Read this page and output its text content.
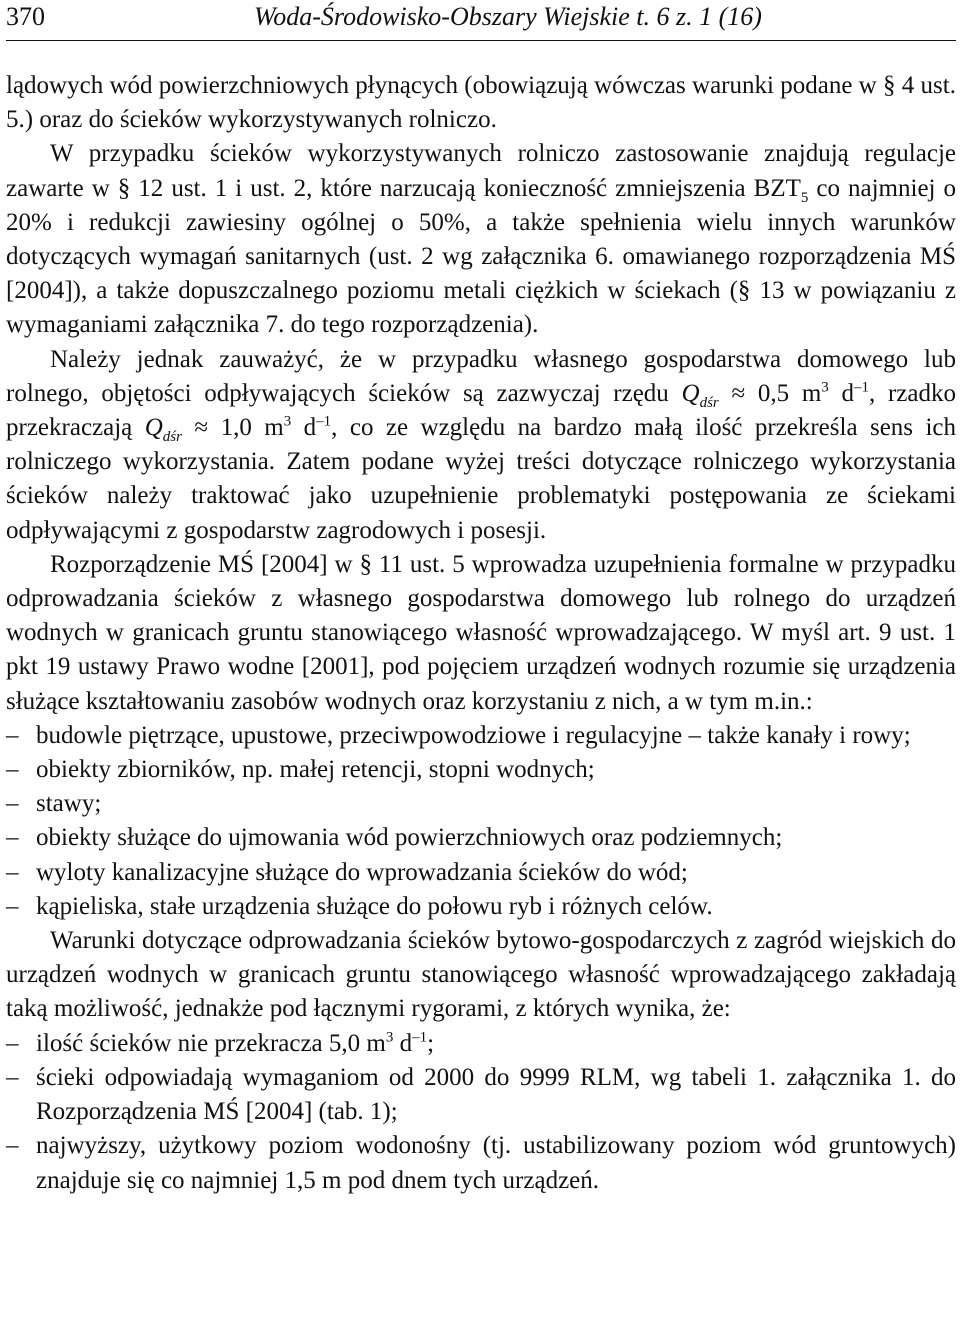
370	Woda-Środowisko-Obszary Wiejskie t. 6 z. 1 (16)

lądowych wód powierzchniowych płynących (obowiązują wówczas warunki podane w § 4 ust. 5.) oraz do ścieków wykorzystywanych rolniczo.

W przypadku ścieków wykorzystywanych rolniczo zastosowanie znajdują regulacje zawarte w § 12 ust. 1 i ust. 2, które narzucają konieczność zmniejszenia $BZT_5$ co najmniej o 20% i redukcji zawiesiny ogólnej o 50%, a także spełnienia wielu innych warunków dotyczących wymagań sanitarnych (ust. 2 wg załącznika 6. omawianego rozporządzenia MŚ [2004]), a także dopuszczalnego poziomu metali ciężkich w ściekach (§ 13 w powiązaniu z wymaganiami załącznika 7. do tego rozporządzenia).

Należy jednak zauważyć, że w przypadku własnego gospodarstwa domowego lub rolnego, objętości odpływających ścieków są zazwyczaj rzędu $Q_{dśr} \approx 0,5$ $m^3$ $d^{-1}$, rzadko przekraczają $Q_{dśr} \approx 1,0$ $m^3$ $d^{-1}$, co ze względu na bardzo małą ilość przekreśla sens ich rolniczego wykorzystania. Zatem podane wyżej treści dotyczące rolniczego wykorzystania ścieków należy traktować jako uzupełnienie problematyki postępowania ze ściekami odpływającymi z gospodarstw zagrodowych i posesji.

Rozporządzenie MŚ [2004] w § 11 ust. 5 wprowadza uzupełnienia formalne w przypadku odprowadzania ścieków z własnego gospodarstwa domowego lub rolnego do urządzeń wodnych w granicach gruntu stanowiącego własność wprowadzającego. W myśl art. 9 ust. 1 pkt 19 ustawy Prawo wodne [2001], pod pojęciem urządzeń wodnych rozumie się urządzenia służące kształtowaniu zasobów wodnych oraz korzystaniu z nich, a w tym m.in.:

– budowle piętrzące, upustowe, przeciwpowodziowe i regulacyjne – także kanały i rowy;
– obiekty zbiorników, np. małej retencji, stopni wodnych;
– stawy;
– obiekty służące do ujmowania wód powierzchniowych oraz podziemnych;
– wyloty kanalizacyjne służące do wprowadzania ścieków do wód;
– kąpieliska, stałe urządzenia służące do połowu ryb i różnych celów.

Warunki dotyczące odprowadzania ścieków bytowo-gospodarczych z zagród wiejskich do urządzeń wodnych w granicach gruntu stanowiącego własność wprowadzającego zakładają taką możliwość, jednakże pod łącznymi rygorami, z których wynika, że:

– ilość ścieków nie przekracza 5,0 $m^3$ $d^{-1}$;
– ścieki odpowiadają wymaganiom od 2000 do 9999 RLM, wg tabeli 1. załącznika 1. do Rozporządzenia MŚ [2004] (tab. 1);
– najwyższy, użytkowy poziom wodonośny (tj. ustabilizowany poziom wód gruntowych) znajduje się co najmniej 1,5 m pod dnem tych urządzeń.
